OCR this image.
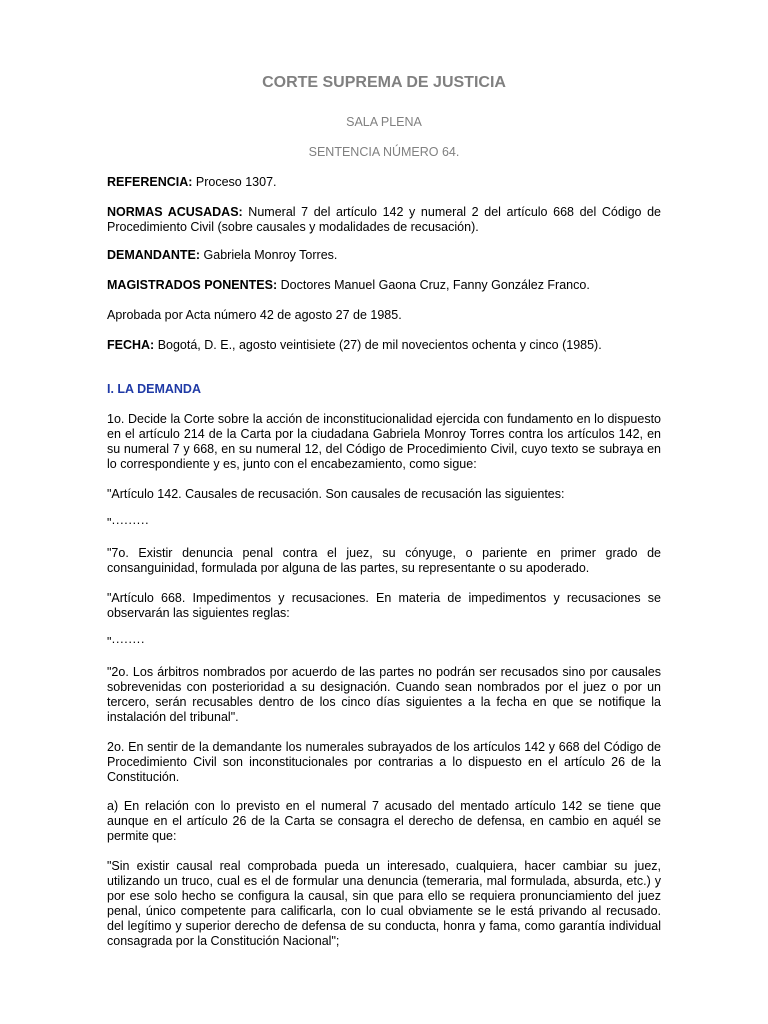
CORTE SUPREMA DE JUSTICIA

SALA PLENA

SENTENCIA NÚMERO 64.

REFERENCIA: Proceso 1307.

NORMAS ACUSADAS: Numeral 7 del artículo 142 y numeral 2 del artículo 668 del Código de Procedimiento Civil (sobre causales y modalidades de recusación).

DEMANDANTE: Gabriela Monroy Torres.

MAGISTRADOS PONENTES: Doctores Manuel Gaona Cruz, Fanny González Franco.

Aprobada por Acta número 42 de agosto 27 de 1985.

FECHA: Bogotá, D. E., agosto veintisiete (27) de mil novecientos ochenta y cinco (1985).

I. LA DEMANDA

1o. Decide la Corte sobre la acción de inconstitucionalidad ejercida con fundamento en lo dispuesto en el artículo 214 de la Carta por la ciudadana Gabriela Monroy Torres contra los artículos 142, en su numeral 7 y 668, en su numeral 12, del Código de Procedimiento Civil, cuyo texto se subraya en lo correspondiente y es, junto con el encabezamiento, como sigue:

"Artículo 142. Causales de recusación. Son causales de recusación las siguientes:

"·········

"7o. Existir denuncia penal contra el juez, su cónyuge, o pariente en primer grado de consanguinidad, formulada por alguna de las partes, su representante o su apoderado.

"Artículo 668. Impedimentos y recusaciones. En materia de impedimentos y recusaciones se observarán las siguientes reglas:

"········

"2o. Los árbitros nombrados por acuerdo de las partes no podrán ser recusados sino por causales sobrevenidas con posterioridad a su designación. Cuando sean nombrados por el juez o por un tercero, serán recusables dentro de los cinco días siguientes a la fecha en que se notifique la instalación del tribunal".

2o. En sentir de la demandante los numerales subrayados de los artículos 142 y 668 del Código de Procedimiento Civil son inconstitucionales por contrarias a lo dispuesto en el artículo 26 de la Constitución.

a) En relación con lo previsto en el numeral 7 acusado del mentado artículo 142 se tiene que aunque en el artículo 26 de la Carta se consagra el derecho de defensa, en cambio en aquél se permite que:

"Sin existir causal real comprobada pueda un interesado, cualquiera, hacer cambiar su juez, utilizando un truco, cual es el de formular una denuncia (temeraria, mal formulada, absurda, etc.) y por ese solo hecho se configura la causal, sin que para ello se requiera pronunciamiento del juez penal, único competente para calificarla, con lo cual obviamente se le está privando al recusado. del legítimo y superior derecho de defensa de su conducta, honra y fama, como garantía individual consagrada por la Constitución Nacional";
